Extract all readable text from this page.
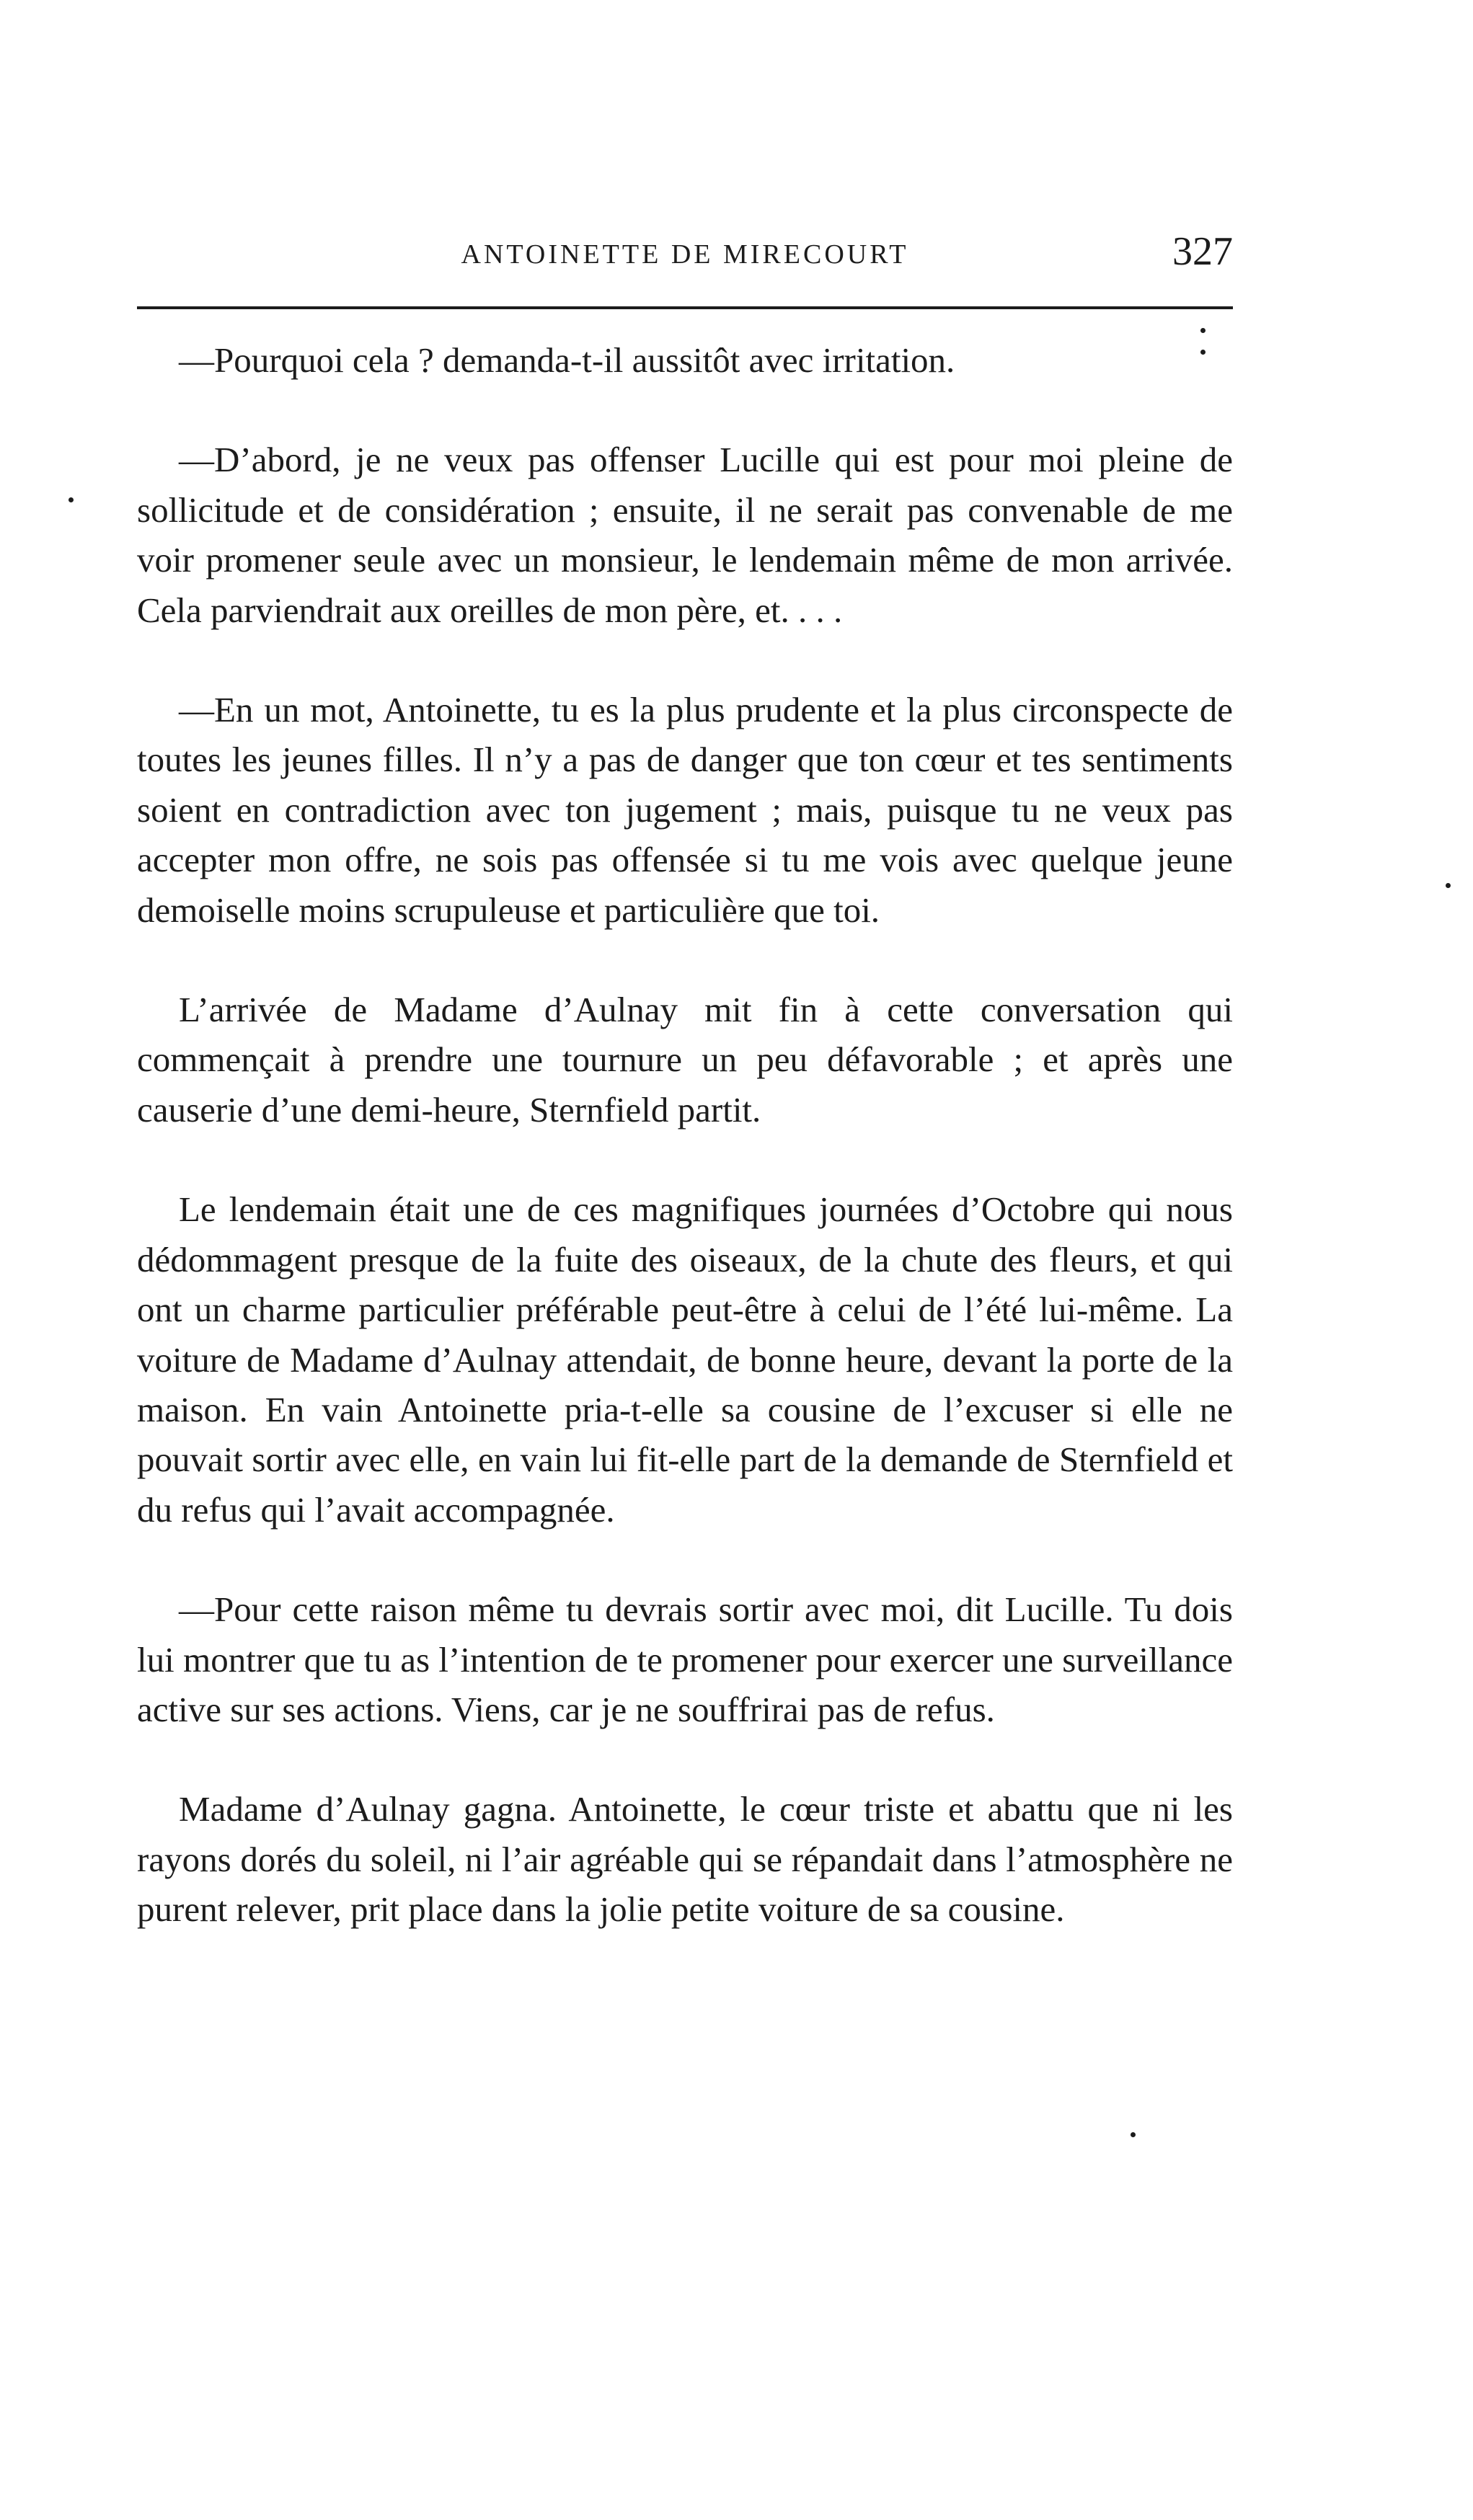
ANTOINETTE DE MIRECOURT	327

—Pourquoi cela ? demanda-t-il aussitôt avec irritation.

—D’abord, je ne veux pas offenser Lucille qui est pour moi pleine de sollicitude et de considération ; ensuite, il ne serait pas convenable de me voir promener seule avec un monsieur, le lendemain même de mon arrivée. Cela parviendrait aux oreilles de mon père, et. . . .

—En un mot, Antoinette, tu es la plus prudente et la plus circonspecte de toutes les jeunes filles. Il n’y a pas de danger que ton cœur et tes sentiments soient en contradiction avec ton jugement ; mais, puisque tu ne veux pas accepter mon offre, ne sois pas offensée si tu me vois avec quelque jeune demoiselle moins scrupuleuse et particulière que toi.

L’arrivée de Madame d’Aulnay mit fin à cette conversation qui commençait à prendre une tournure un peu défavorable ; et après une causerie d’une demi-heure, Sternfield partit.

Le lendemain était une de ces magnifiques journées d’Octobre qui nous dédommagent presque de la fuite des oiseaux, de la chute des fleurs, et qui ont un charme particulier préférable peut-être à celui de l’été lui-même. La voiture de Madame d’Aulnay attendait, de bonne heure, devant la porte de la maison. En vain Antoinette pria-t-elle sa cousine de l’excuser si elle ne pouvait sortir avec elle, en vain lui fit-elle part de la demande de Sternfield et du refus qui l’avait accompagnée.

—Pour cette raison même tu devrais sortir avec moi, dit Lucille. Tu dois lui montrer que tu as l’intention de te promener pour exercer une surveillance active sur ses actions. Viens, car je ne souffrirai pas de refus.

Madame d’Aulnay gagna. Antoinette, le cœur triste et abattu que ni les rayons dorés du soleil, ni l’air agréable qui se répandait dans l’atmosphère ne purent relever, prit place dans la jolie petite voiture de sa cousine.
